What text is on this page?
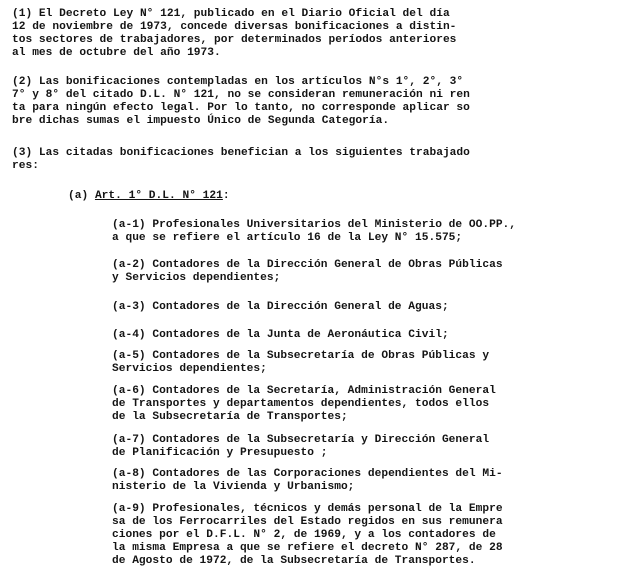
(1) El Decreto Ley N° 121, publicado en el Diario Oficial del día

12 de noviembre de 1973, concede diversas bonificaciones a distin-

tos sectores de trabajadores, por determinados períodos anteriores

al mes de octubre del año 1973.

(2) Las bonificaciones contempladas en los artículos N°s 1°, 2°, 3°

7° y 8° del citado D.L. N° 121, no se consideran remuneración ni ren

ta para ningún efecto legal. Por lo tanto, no corresponde aplicar so

bre dichas sumas el impuesto Único de Segunda Categoría.

(3) Las citadas bonificaciones benefician a los siguientes trabajado

res:

(a) Art. 1° D.L. N° 121:

(a-1) Profesionales Universitarios del Ministerio de OO.PP.,

a que se refiere el artículo 16 de la Ley N° 15.575;

(a-2) Contadores de la Dirección General de Obras Públicas

y Servicios dependientes;

(a-3) Contadores de la Dirección General de Aguas;

(a-4) Contadores de la Junta de Aeronáutica Civil;

(a-5) Contadores de la Subsecretaría de Obras Públicas y

Servicios dependientes;

(a-6) Contadores de la Secretaría, Administración General

de Transportes y departamentos dependientes, todos ellos

de la Subsecretaría de Transportes;

(a-7) Contadores de la Subsecretaría y Dirección General

de Planificación y Presupuesto ;

(a-8) Contadores de las Corporaciones dependientes del Mi-

nisterio de la Vivienda y Urbanismo;

(a-9) Profesionales, técnicos y demás personal de la Empre

sa de los Ferrocarriles del Estado regidos en sus remunera

ciones por el D.F.L. N° 2, de 1969, y a los contadores de

la misma Empresa a que se refiere el decreto N° 287, de 28

de Agosto de 1972, de la Subsecretaría de Transportes.
